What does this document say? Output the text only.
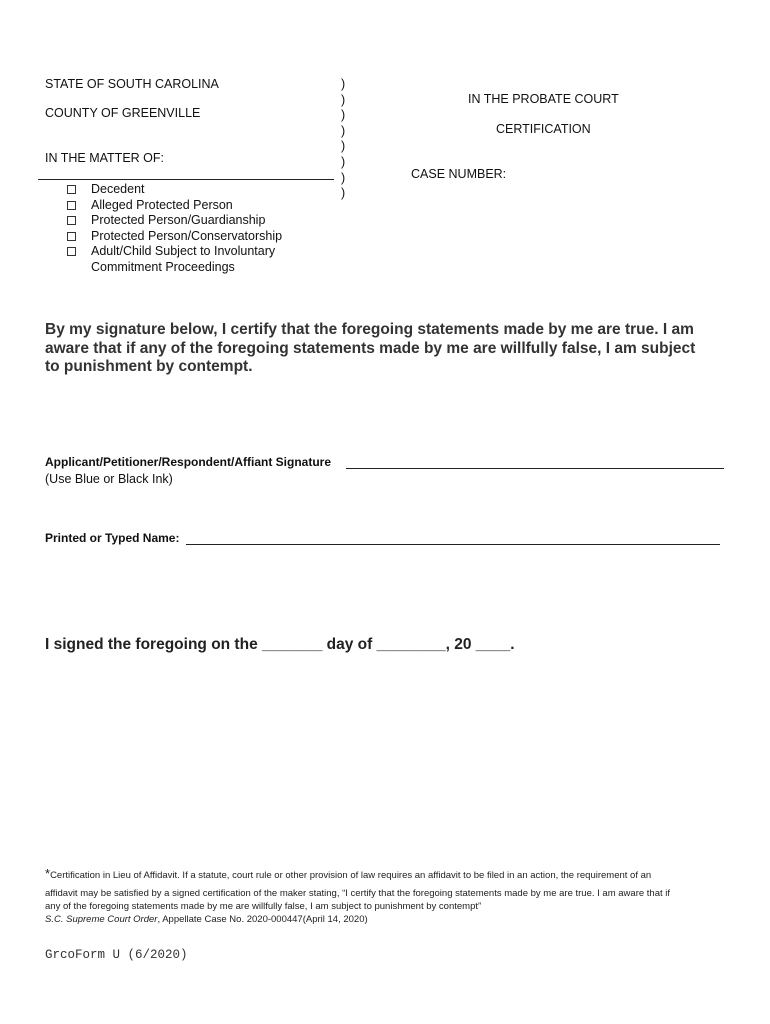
STATE OF SOUTH CAROLINA
COUNTY OF GREENVILLE
IN THE MATTER OF:
)
)
)
)
)
)
)
)
IN THE PROBATE COURT
CERTIFICATION
CASE NUMBER:
Decedent
Alleged Protected Person
Protected Person/Guardianship
Protected Person/Conservatorship
Adult/Child Subject to Involuntary
Commitment Proceedings
By my signature below, I certify that the foregoing statements made by me are true. I am aware that if any of the foregoing statements made by me are willfully false, I am subject to punishment by contempt.
Applicant/Petitioner/Respondent/Affiant Signature
(Use Blue or Black Ink)
Printed or Typed Name:
I signed the foregoing on the _______ day of ________, 20 ____.
*Certification in Lieu of Affidavit. If a statute, court rule or other provision of law requires an affidavit to be filed in an action, the requirement of an
affidavit may be satisfied by a signed certification of the maker stating, “I certify that the foregoing statements made by me are true. I am aware that if
any of the foregoing statements made by me are willfully false, I am subject to punishment by contempt”
S.C. Supreme Court Order, Appellate Case No. 2020-000447(April 14, 2020)
GrcoForm U (6/2020)
